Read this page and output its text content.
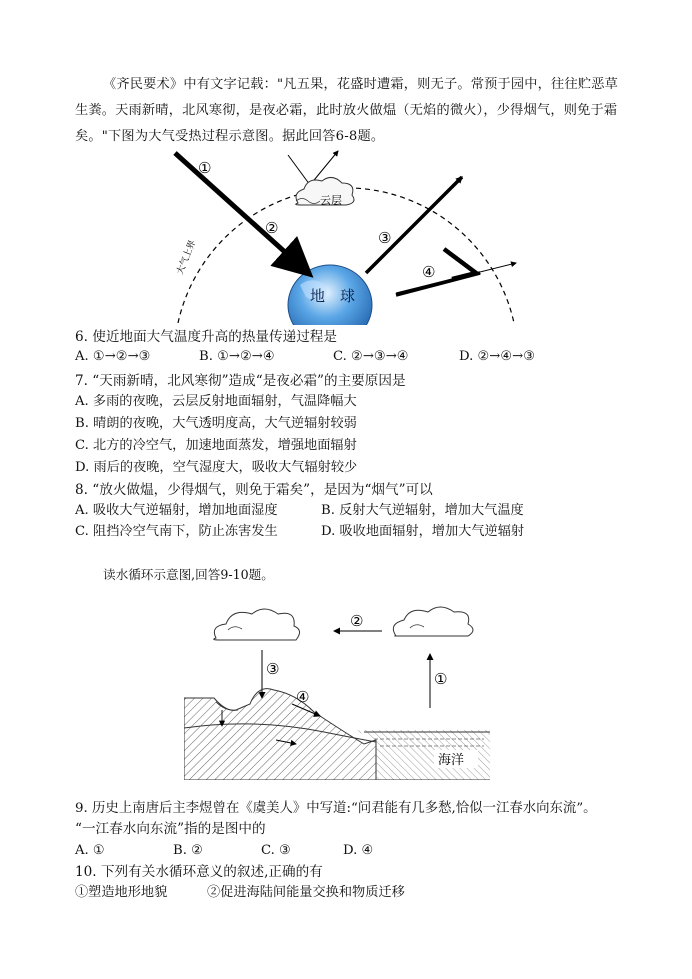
《齐民要术》中有文字记载："凡五果，花盛时遭霜，则无子。常预于园中，往往贮恶草生粪。天雨新晴，北风寒彻，是夜必霜，此时放火做煴（无焰的微火），少得烟气，则免于霜矣。"下图为大气受热过程示意图。据此回答6-8题。
大气上界
地　球
①
②
云层
③
④
6. 使近地面大气温度升高的热量传递过程是
A. ①→②→③	B. ①→②→④	C. ②→③→④	D. ②→④→③
7. “天雨新晴，北风寒彻”造成“是夜必霜”的主要原因是
A. 多雨的夜晚，云层反射地面辐射，气温降幅大
B. 晴朗的夜晚，大气透明度高，大气逆辐射较弱
C. 北方的冷空气，加速地面蒸发，增强地面辐射
D. 雨后的夜晚，空气湿度大，吸收大气辐射较少
8. “放火做煴，少得烟气，则免于霜矣”，是因为“烟气”可以
A. 吸收大气逆辐射，增加地面湿度	B. 反射大气逆辐射，增加大气温度
C. 阻挡冷空气南下，防止冻害发生	D. 吸收地面辐射，增加大气逆辐射
读水循环示意图,回答9-10题。
②
①
③
④
海洋
9. 历史上南唐后主李煜曾在《虞美人》中写道:“问君能有几多愁,恰似一江春水向东流”。
“一江春水向东流”指的是图中的
A. ①	B. ②	C. ③	D. ④
10. 下列有关水循环意义的叙述,正确的有
①塑造地形地貌	②促进海陆间能量交换和物质迁移
